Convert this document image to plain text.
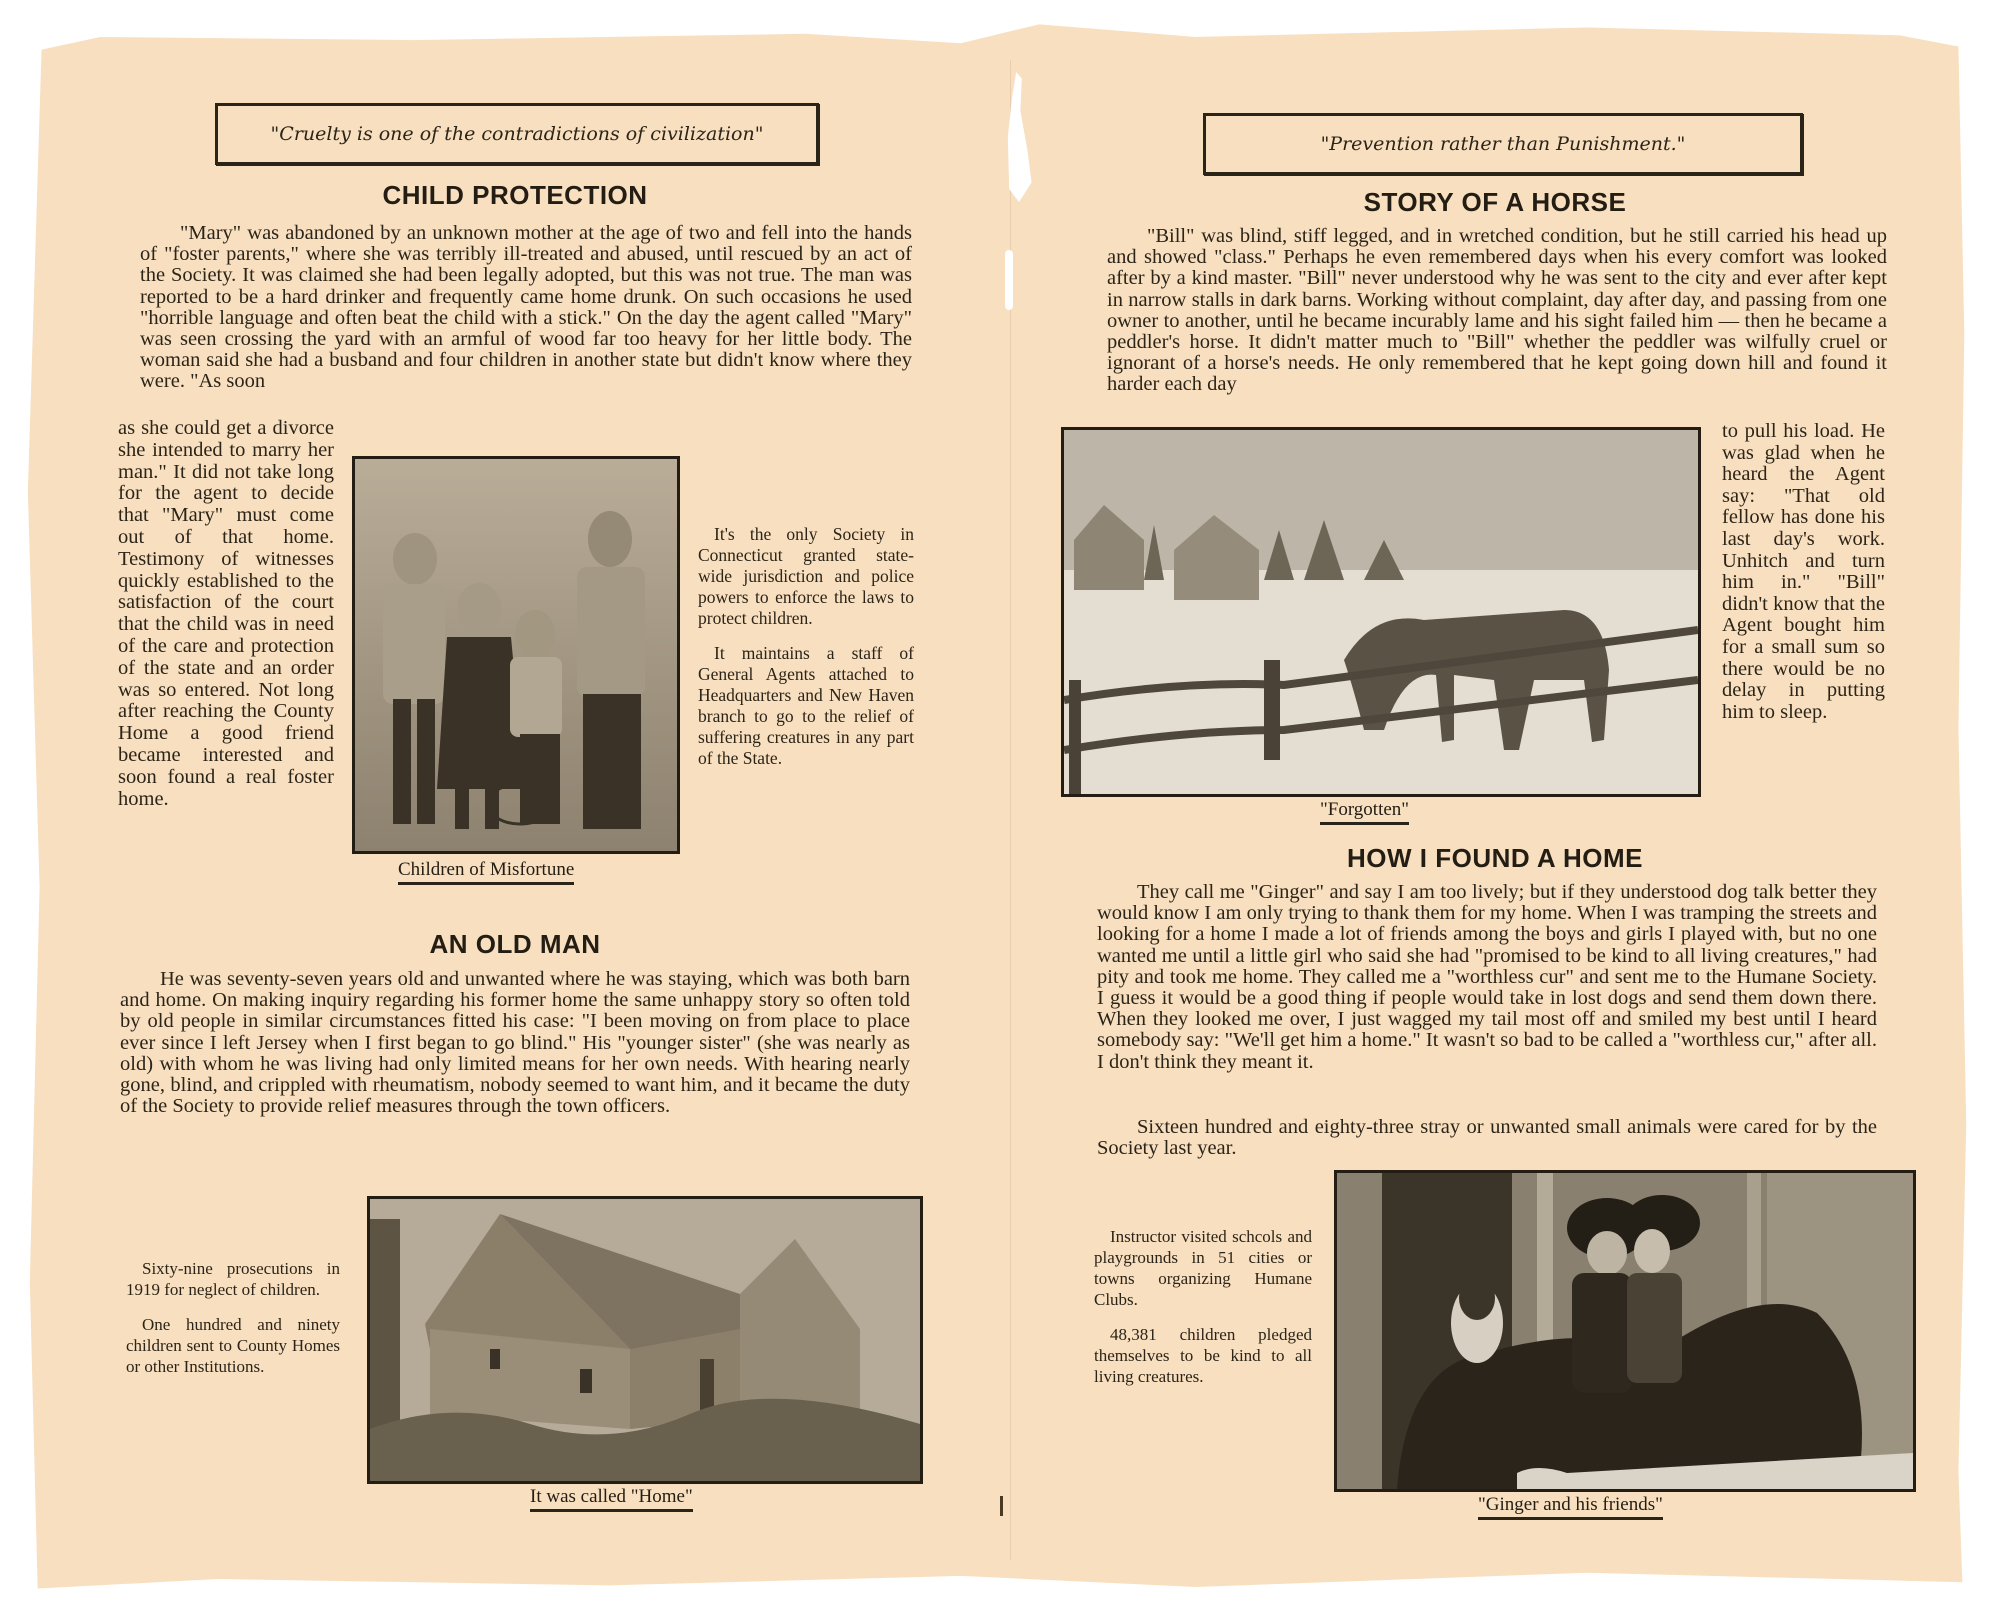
"Cruelty is one of the contradictions of civilization"
CHILD PROTECTION

"Mary" was abandoned by an unknown mother at the age of two and fell into the hands of "foster parents," where she was terribly ill-treated and abused, until rescued by an act of the Society. It was claimed she had been legally adopted, but this was not true. The man was reported to be a hard drinker and frequently came home drunk. On such occasions he used "horrible language and often beat the child with a stick." On the day the agent called "Mary" was seen crossing the yard with an armful of wood far too heavy for her little body. The woman said she had a busband and four children in another state but didn't know where they were. "As soon

as she could get a divorce she intended to marry her man." It did not take long for the agent to decide that "Mary" must come out of that home. Testimony of witnesses quickly established to the satisfaction of the court that the child was in need of the care and protection of the state and an order was so entered. Not long after reaching the County Home a good friend became interested and soon found a real foster home.

Children of Misfortune

It's the only Society in Connecticut granted state-wide jurisdiction and police powers to enforce the laws to protect children.

It maintains a staff of General Agents attached to Headquarters and New Haven branch to go to the relief of suffering creatures in any part of the State.

AN OLD MAN

He was seventy-seven years old and unwanted where he was staying, which was both barn and home. On making inquiry regarding his former home the same unhappy story so often told by old people in similar circumstances fitted his case: "I been moving on from place to place ever since I left Jersey when I first began to go blind." His "younger sister" (she was nearly as old) with whom he was living had only limited means for her own needs. With hearing nearly gone, blind, and crippled with rheumatism, nobody seemed to want him, and it became the duty of the Society to provide relief measures through the town officers.

Sixty-nine prosecutions in 1919 for neglect of children.

One hundred and ninety children sent to County Homes or other Institutions.

It was called "Home"
"Prevention rather than Punishment."
STORY OF A HORSE

"Bill" was blind, stiff legged, and in wretched condition, but he still carried his head up and showed "class." Perhaps he even remembered days when his every comfort was looked after by a kind master. "Bill" never understood why he was sent to the city and ever after kept in narrow stalls in dark barns. Working without complaint, day after day, and passing from one owner to another, until he became incurably lame and his sight failed him — then he became a peddler's horse. It didn't matter much to "Bill" whether the peddler was wilfully cruel or ignorant of a horse's needs. He only remembered that he kept going down hill and found it harder each day

"Forgotten"

to pull his load. He was glad when he heard the Agent say: "That old fellow has done his last day's work. Unhitch and turn him in." "Bill" didn't know that the Agent bought him for a small sum so there would be no delay in putting him to sleep.

HOW I FOUND A HOME

They call me "Ginger" and say I am too lively; but if they understood dog talk better they would know I am only trying to thank them for my home. When I was tramping the streets and looking for a home I made a lot of friends among the boys and girls I played with, but no one wanted me until a little girl who said she had "promised to be kind to all living creatures," had pity and took me home. They called me a "worthless cur" and sent me to the Humane Society. I guess it would be a good thing if people would take in lost dogs and send them down there. When they looked me over, I just wagged my tail most off and smiled my best until I heard somebody say: "We'll get him a home." It wasn't so bad to be called a "worthless cur," after all. I don't think they meant it.

Sixteen hundred and eighty-three stray or unwanted small animals were cared for by the Society last year.

Instructor visited schcols and playgrounds in 51 cities or towns organizing Humane Clubs.

48,381 children pledged themselves to be kind to all living creatures.

"Ginger and his friends"
